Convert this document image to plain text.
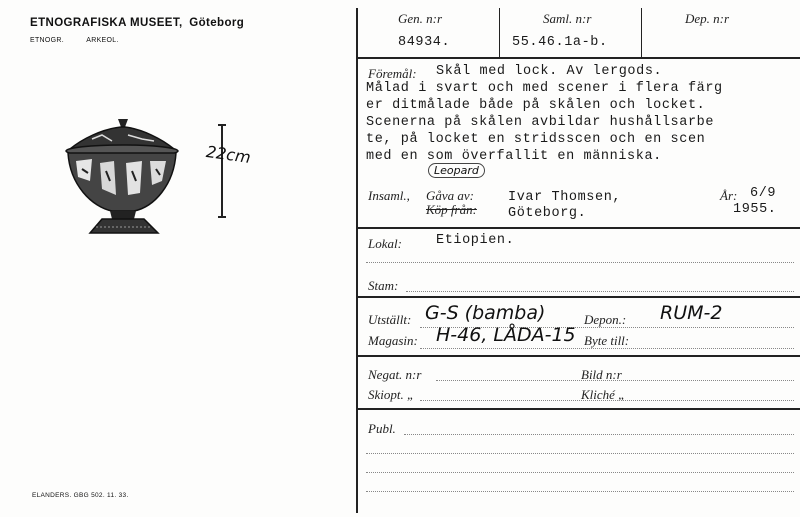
ETNOGRAFISKA MUSEET, Göteborg
ETNOGR.	ARKEOL.
22cm
ELANDERS. GBG 502. 11. 33.
Gen. n:r	Saml. n:r	Dep. n:r
84934.	55.46.1a-b.
Föremål: Skål med lock. Av lergods.
Målad i svart och med scener i flera färg
er ditmålade både på skålen och locket.
Scenerna på skålen avbildar hushållsarbe
te, på locket en stridsscen och en scen
med en som överfallit en människa.
Leopard
Insaml., Gåva av:
Köp från:
Ivar Thomsen,
Göteborg.
År: 6/9
1955.
Lokal:	Etiopien.
Stam:
Utställt: G-S (bamba)	Depon.: RUM-2
Magasin: H-46, LÅDA-15 Byte till:
Negat. n:r	Bild n:r
Skiopt. „	Kliché „
Publ.
